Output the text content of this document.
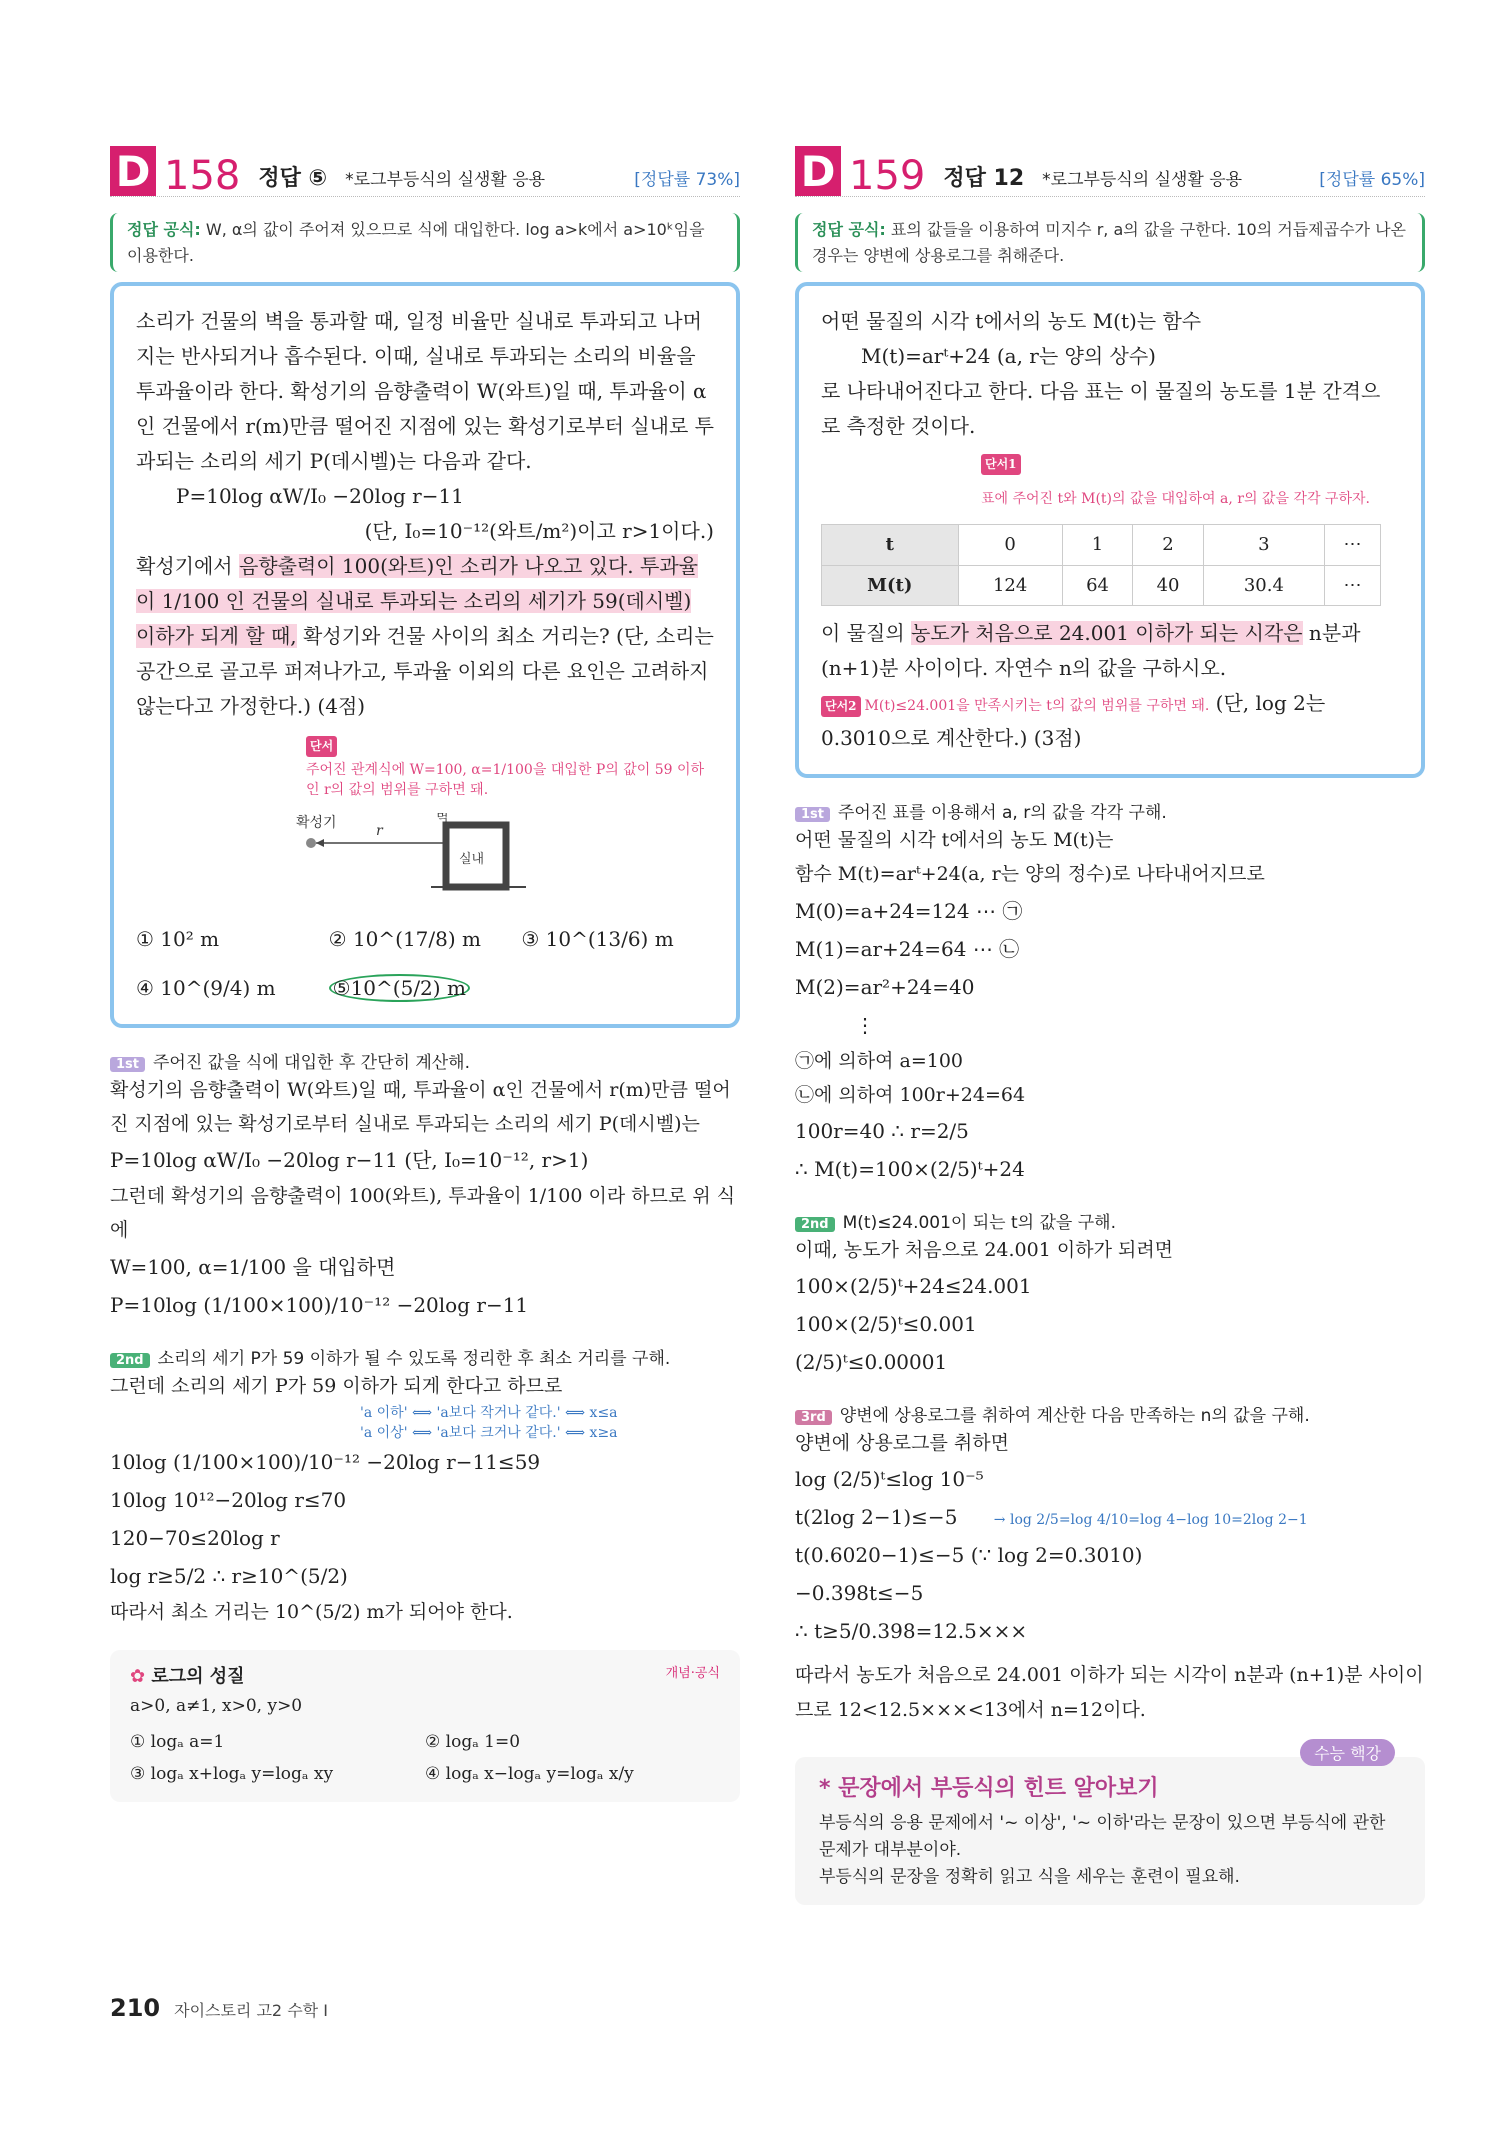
D 158 정답 ⑤ *로그부등식의 실생활 응용	[정답률 73%]
정답 공식: W, α의 값이 주어져 있으므로 식에 대입한다. log a>k에서 a>10ᵏ임을 이용한다.
소리가 건물의 벽을 통과할 때, 일정 비율만 실내로 투과되고 나머지는 반사되거나 흡수된다. 이때, 실내로 투과되는 소리의 비율을 투과율이라 한다. 확성기의 음향출력이 W(와트)일 때, 투과율이 α인 건물에서 r(m)만큼 떨어진 지점에 있는 확성기로부터 실내로 투과되는 소리의 세기 P(데시벨)는 다음과 같다.
P=10log αW/I₀ −20log r−11
(단, I₀=10⁻¹²(와트/m²)이고 r>1이다.)
확성기에서 음향출력이 100(와트)인 소리가 나오고 있다. 투과율이 1/100 인 건물의 실내로 투과되는 소리의 세기가 59(데시벨) 이하가 되게 할 때, 확성기와 건물 사이의 최소 거리는? (단, 소리는 공간으로 골고루 퍼져나가고, 투과율 이외의 다른 요인은 고려하지 않는다고 가정한다.) (4점)
단서주어진 관계식에 W=100, α=1/100을 대입한 P의 값이 59 이하인 r의 값의 범위를 구하면 돼.
확성기	r
벽
실내
① 10² m	② 10^(17/8) m	③ 10^(13/6) m
④ 10^(9/4) m	⑤10^(5/2) m
1st 주어진 값을 식에 대입한 후 간단히 계산해.
확성기의 음향출력이 W(와트)일 때, 투과율이 α인 건물에서 r(m)만큼 떨어진 지점에 있는 확성기로부터 실내로 투과되는 소리의 세기 P(데시벨)는
P=10log αW/I₀ −20log r−11 (단, I₀=10⁻¹², r>1)
그런데 확성기의 음향출력이 100(와트), 투과율이 1/100 이라 하므로 위 식에
W=100, α=1/100 을 대입하면
P=10log (1/100×100)/10⁻¹² −20log r−11
2nd 소리의 세기 P가 59 이하가 될 수 있도록 정리한 후 최소 거리를 구해.
그런데 소리의 세기 P가 59 이하가 되게 한다고 하므로
'a 이하' ⟺ 'a보다 작거나 같다.' ⟺ x≤a
'a 이상' ⟺ 'a보다 크거나 같다.' ⟺ x≥a
10log (1/100×100)/10⁻¹² −20log r−11≤59
10log 10¹²−20log r≤70
120−70≤20log r
log r≥5/2 ∴ r≥10^(5/2)
따라서 최소 거리는 10^(5/2) m가 되어야 한다.
✿ 로그의 성질	개념·공식
a>0, a≠1, x>0, y>0
① logₐ a=1	② logₐ 1=0
③ logₐ x+logₐ y=logₐ xy	④ logₐ x−logₐ y=logₐ x/y
D 159 정답 12 *로그부등식의 실생활 응용	[정답률 65%]
정답 공식: 표의 값들을 이용하여 미지수 r, a의 값을 구한다. 10의 거듭제곱수가 나온 경우는 양변에 상용로그를 취해준다.
어떤 물질의 시각 t에서의 농도 M(t)는 함수
M(t)=arᵗ+24 (a, r는 양의 상수)
로 나타내어진다고 한다. 다음 표는 이 물질의 농도를 1분 간격으로 측정한 것이다.
단서1표에 주어진 t와 M(t)의 값을 대입하여 a, r의 값을 각각 구하자.
t	0	1	2	3	⋯
M(t)	124	64	40	30.4	⋯
이 물질의 농도가 처음으로 24.001 이하가 되는 시각은 n분과 (n+1)분 사이이다. 자연수 n의 값을 구하시오.
단서2 M(t)≤24.001을 만족시키는 t의 값의 범위를 구하면 돼. (단, log 2는 0.3010으로 계산한다.) (3점)
1st 주어진 표를 이용해서 a, r의 값을 각각 구해.
어떤 물질의 시각 t에서의 농도 M(t)는
함수 M(t)=arᵗ+24(a, r는 양의 정수)로 나타내어지므로
M(0)=a+24=124 ⋯ ㉠
M(1)=ar+24=64 ⋯ ㉡
M(2)=ar²+24=40
⋮
㉠에 의하여 a=100
㉡에 의하여 100r+24=64
100r=40 ∴ r=2/5
∴ M(t)=100×(2/5)ᵗ+24
2nd M(t)≤24.001이 되는 t의 값을 구해.
이때, 농도가 처음으로 24.001 이하가 되려면
100×(2/5)ᵗ+24≤24.001
100×(2/5)ᵗ≤0.001
(2/5)ᵗ≤0.00001
3rd 양변에 상용로그를 취하여 계산한 다음 만족하는 n의 값을 구해.
양변에 상용로그를 취하면
log (2/5)ᵗ≤log 10⁻⁵
t(2log 2−1)≤−5	→ log 2/5=log 4/10=log 4−log 10=2log 2−1
t(0.6020−1)≤−5 (∵ log 2=0.3010)
−0.398t≤−5
∴ t≥5/0.398=12.5×××
따라서 농도가 처음으로 24.001 이하가 되는 시각이 n분과 (n+1)분 사이이므로 12<12.5×××<13에서 n=12이다.
수능 핵강
* 문장에서 부등식의 힌트 알아보기
부등식의 응용 문제에서 '~ 이상', '~ 이하'라는 문장이 있으면 부등식에 관한 문제가 대부분이야.
부등식의 문장을 정확히 읽고 식을 세우는 훈련이 필요해.
210 자이스토리 고2 수학 I
